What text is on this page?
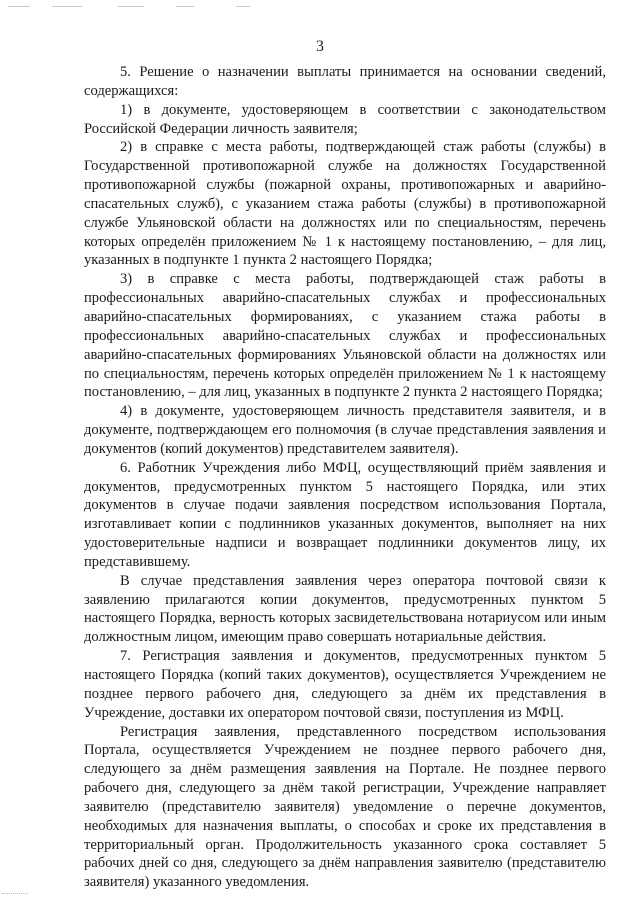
3

5. Решение о назначении выплаты принимается на основании сведений, содержащихся:

1) в документе, удостоверяющем в соответствии с законодательством Российской Федерации личность заявителя;

2) в справке с места работы, подтверждающей стаж работы (службы) в Государственной противопожарной службе на должностях Государственной противопожарной службы (пожарной охраны, противопожарных и аварийно-спасательных служб), с указанием стажа работы (службы) в противопожарной службе Ульяновской области на должностях или по специальностям, перечень которых определён приложением № 1 к настоящему постановлению, – для лиц, указанных в подпункте 1 пункта 2 настоящего Порядка;

3) в справке с места работы, подтверждающей стаж работы в профессиональных аварийно-спасательных службах и профессиональных аварийно-спасательных формированиях, с указанием стажа работы в профессиональных аварийно-спасательных службах и профессиональных аварийно-спасательных формированиях Ульяновской области на должностях или по специальностям, перечень которых определён приложением № 1 к настоящему постановлению, – для лиц, указанных в подпункте 2 пункта 2 настоящего Порядка;

4) в документе, удостоверяющем личность представителя заявителя, и в документе, подтверждающем его полномочия (в случае представления заявления и документов (копий документов) представителем заявителя).

6. Работник Учреждения либо МФЦ, осуществляющий приём заявления и документов, предусмотренных пунктом 5 настоящего Порядка, или этих документов в случае подачи заявления посредством использования Портала, изготавливает копии с подлинников указанных документов, выполняет на них удостоверительные надписи и возвращает подлинники документов лицу, их представившему.

В случае представления заявления через оператора почтовой связи к заявлению прилагаются копии документов, предусмотренных пунктом 5 настоящего Порядка, верность которых засвидетельствована нотариусом или иным должностным лицом, имеющим право совершать нотариальные действия.

7. Регистрация заявления и документов, предусмотренных пунктом 5 настоящего Порядка (копий таких документов), осуществляется Учреждением не позднее первого рабочего дня, следующего за днём их представления в Учреждение, доставки их оператором почтовой связи, поступления из МФЦ.

Регистрация заявления, представленного посредством использования Портала, осуществляется Учреждением не позднее первого рабочего дня, следующего за днём размещения заявления на Портале. Не позднее первого рабочего дня, следующего за днём такой регистрации, Учреждение направляет заявителю (представителю заявителя) уведомление о перечне документов, необходимых для назначения выплаты, о способах и сроке их представления в территориальный орган. Продолжительность указанного срока составляет 5 рабочих дней со дня, следующего за днём направления заявителю (представителю заявителя) указанного уведомления.
